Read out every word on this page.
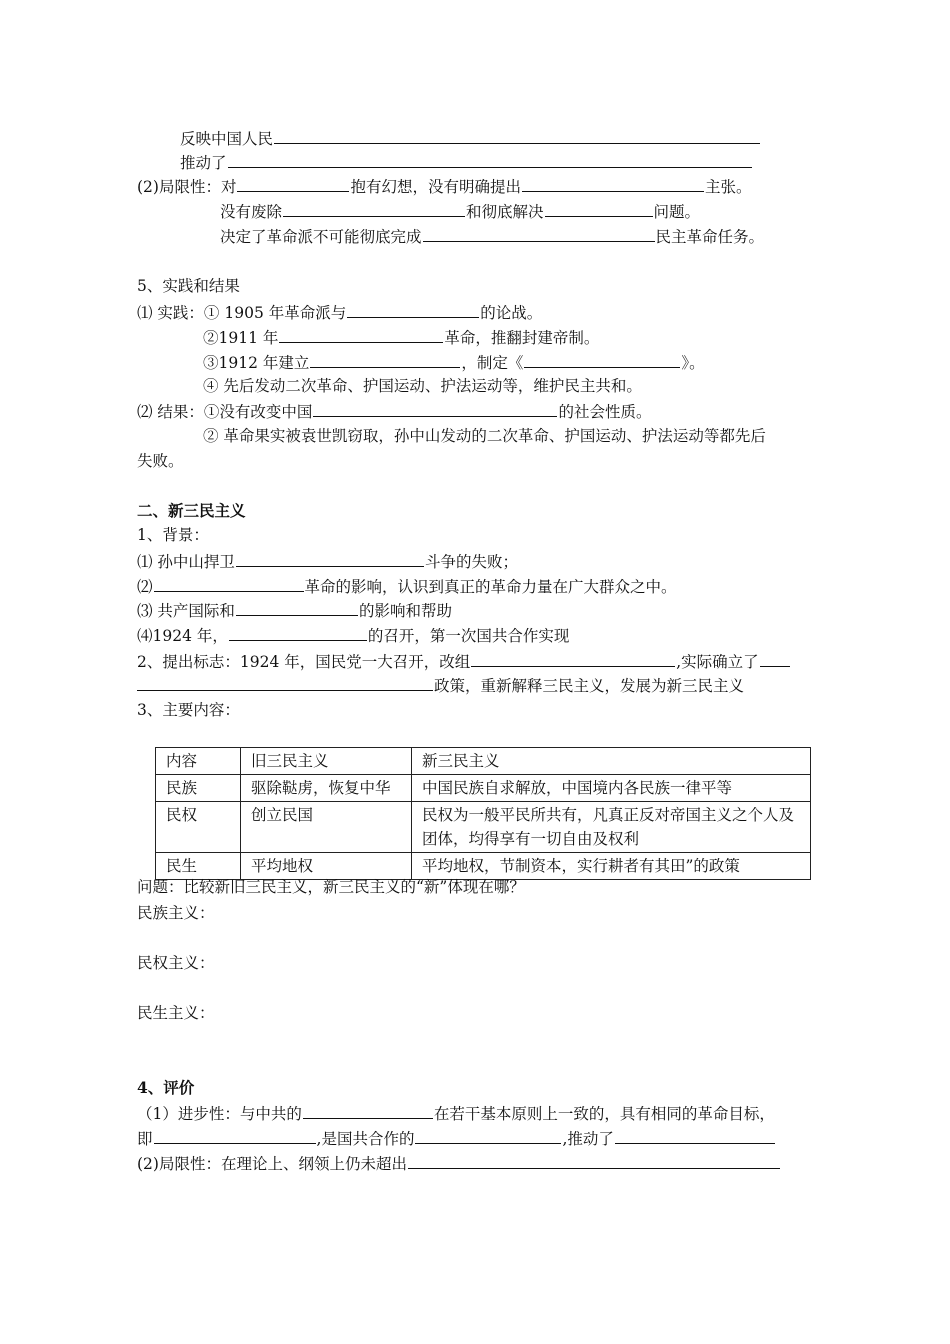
反映中国人民
推动了
(2)局限性：对	抱有幻想，没有明确提出	主张。
没有废除	和彻底解决	问题。
决定了革命派不可能彻底完成	民主革命任务。
5、实践和结果
⑴ 实践：① 1905 年革命派与	的论战。
②1911 年	革命，推翻封建帝制。
③1912 年建立	，制定《	》。
④ 先后发动二次革命、护国运动、护法运动等，维护民主共和。
⑵ 结果：①没有改变中国	的社会性质。
② 革命果实被袁世凯窃取，孙中山发动的二次革命、护国运动、护法运动等都先后
失败。
二、新三民主义
1、背景：
⑴ 孙中山捍卫	斗争的失败；
⑵	革命的影响，认识到真正的革命力量在广大群众之中。
⑶ 共产国际和	的影响和帮助
⑷1924 年，	的召开，第一次国共合作实现
2、提出标志：1924 年，国民党一大召开，改组	,实际确立了
政策，重新解释三民主义，发展为新三民主义
3、主要内容：
内容	旧三民主义	新三民主义
民族	驱除鞑虏，恢复中华	中国民族自求解放，中国境内各民族一律平等
民权	创立民国	民权为一般平民所共有，凡真正反对帝国主义之个人及团体，均得享有一切自由及权利
民生	平均地权	平均地权，节制资本，实行耕者有其田”的政策
问题：比较新旧三民主义，新三民主义的“新”体现在哪？
民族主义：
民权主义：
民生主义：
4、评价
（1）进步性：与中共的	在若干基本原则上一致的，具有相同的革命目标，
即	,是国共合作的	,推动了
(2)局限性：在理论上、纲领上仍未超出
